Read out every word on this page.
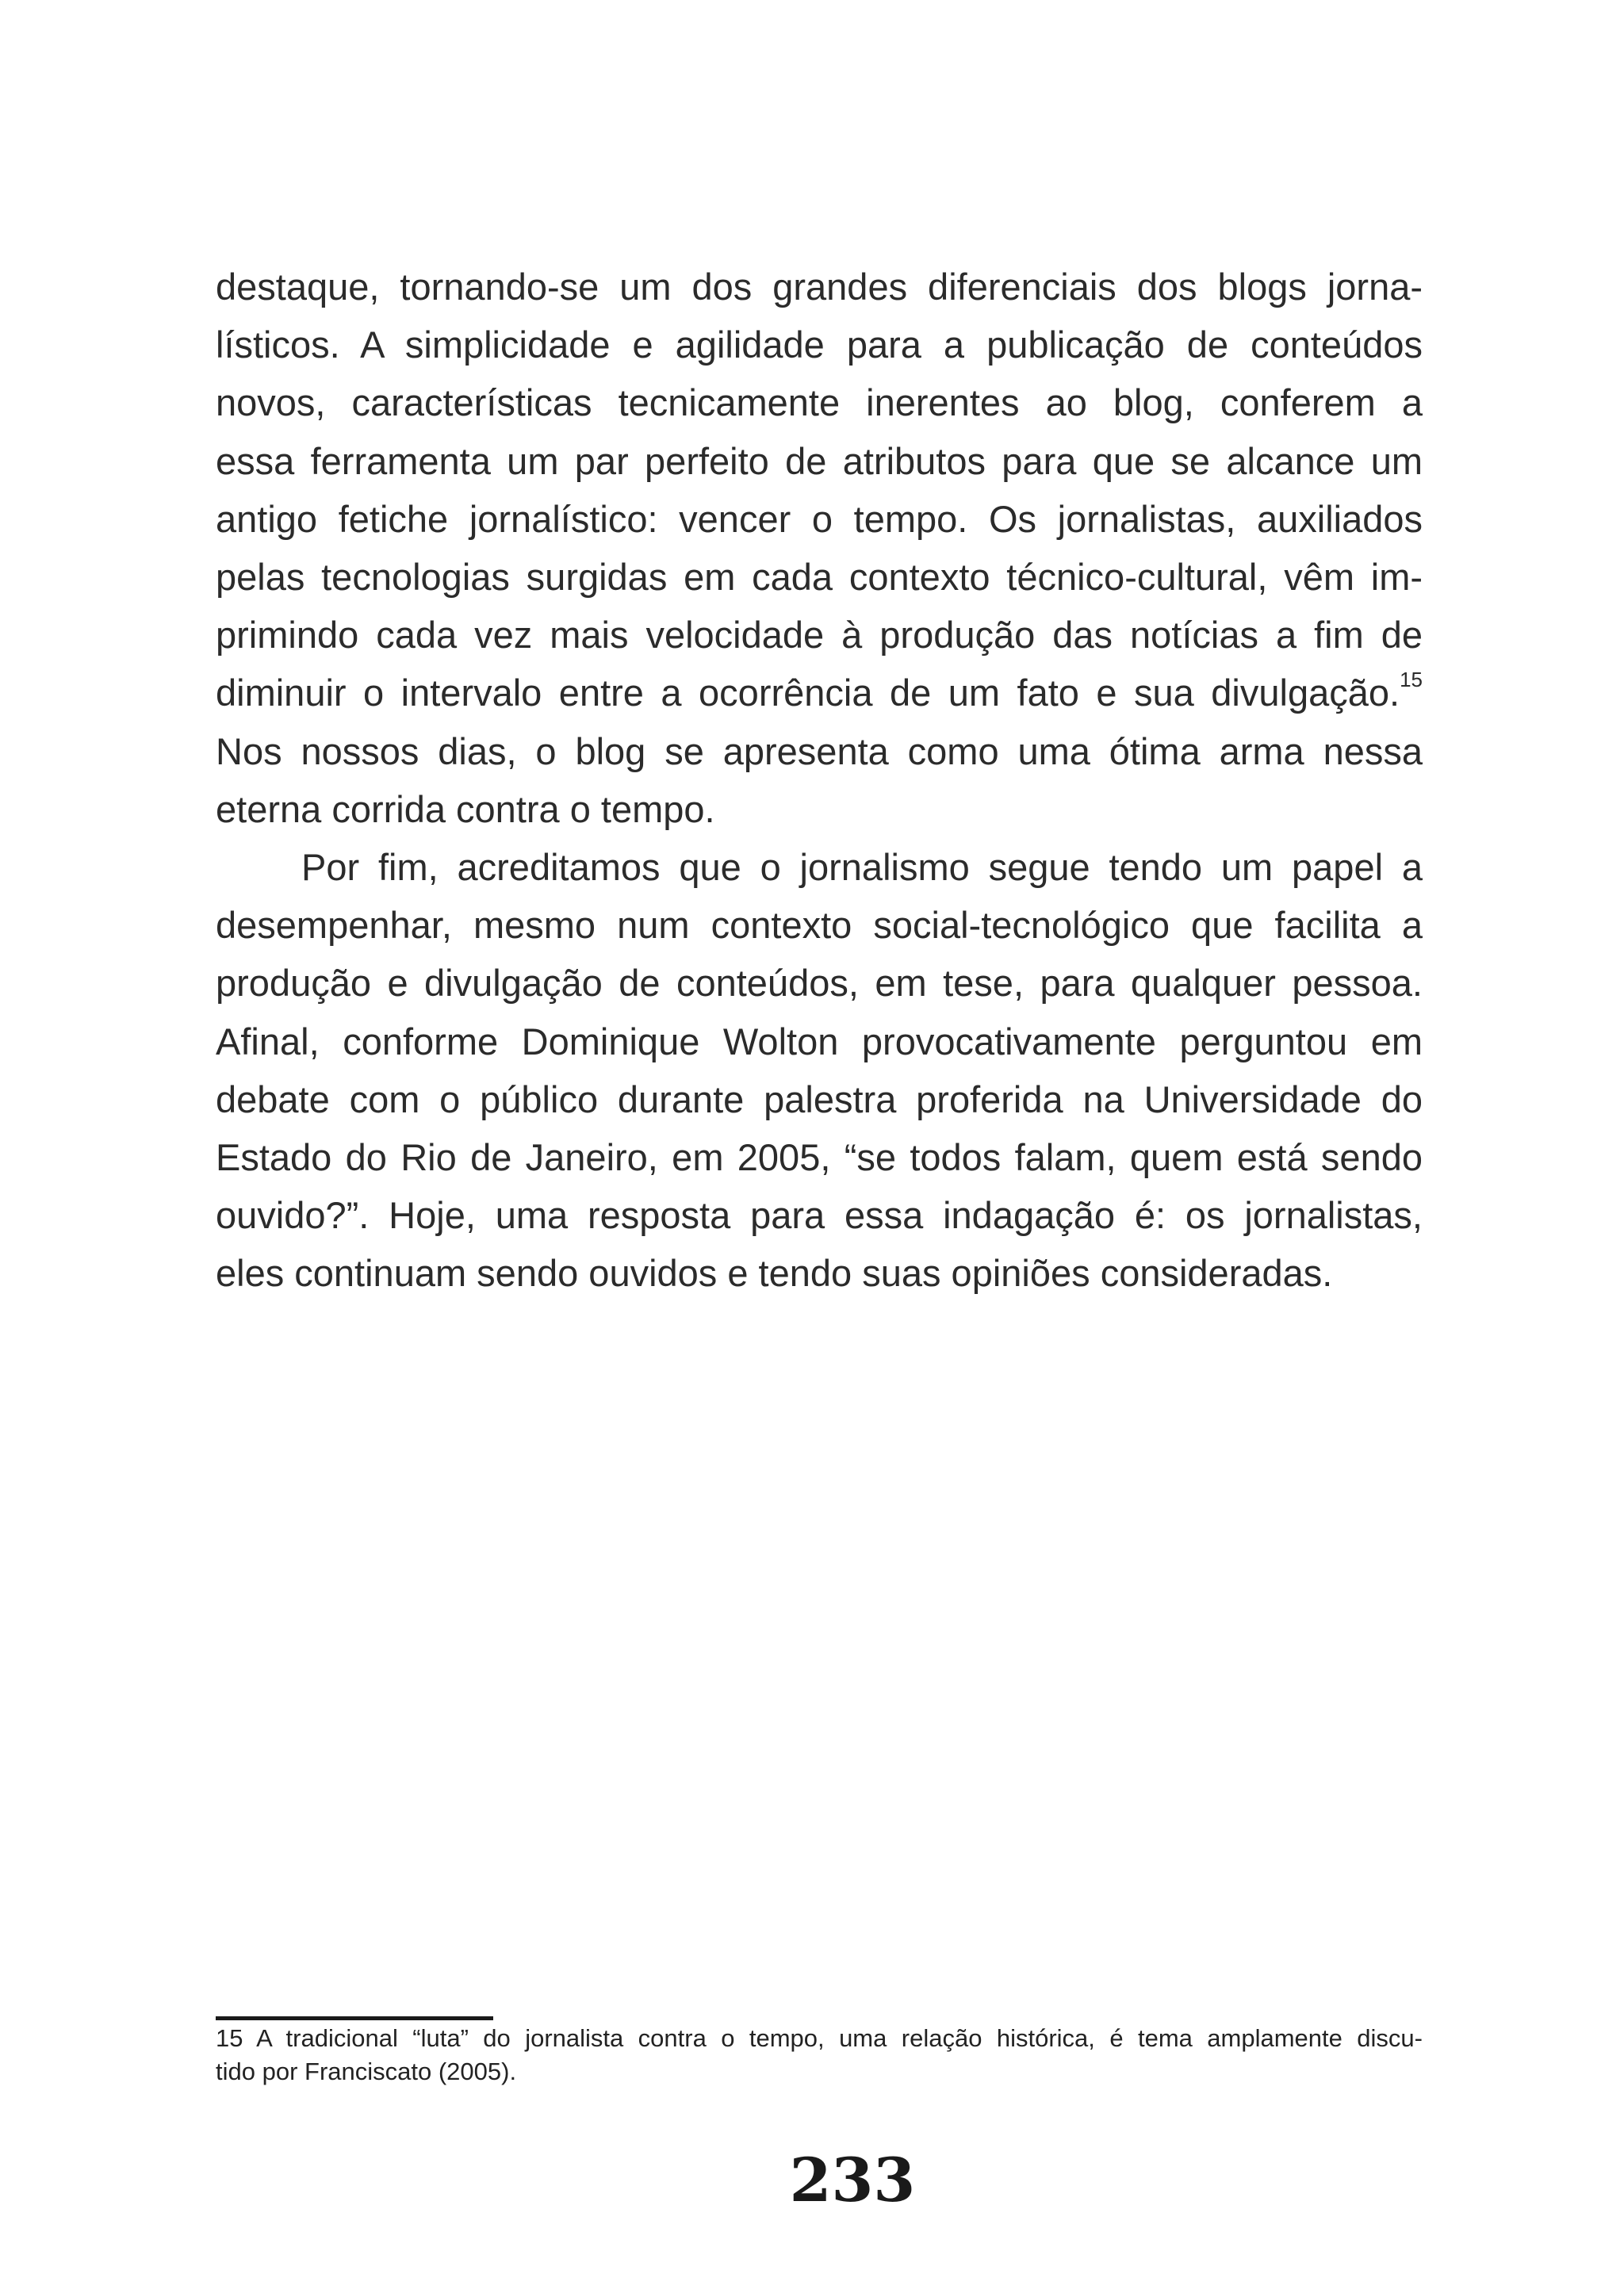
destaque, tornando-se um dos grandes diferenciais dos blogs jorna-

lísticos. A simplicidade e agilidade para a publicação de conteúdos

novos, características tecnicamente inerentes ao blog, conferem a

essa ferramenta um par perfeito de atributos para que se alcance um

antigo fetiche jornalístico: vencer o tempo. Os jornalistas, auxiliados

pelas tecnologias surgidas em cada contexto técnico-cultural, vêm im-

primindo cada vez mais velocidade à produção das notícias a fim de

diminuir o intervalo entre a ocorrência de um fato e sua divulgação.$^{15}$

Nos nossos dias, o blog se apresenta como uma ótima arma nessa

eterna corrida contra o tempo.

Por fim, acreditamos que o jornalismo segue tendo um papel a

desempenhar, mesmo num contexto social-tecnológico que facilita a

produção e divulgação de conteúdos, em tese, para qualquer pessoa.

Afinal, conforme Dominique Wolton provocativamente perguntou em

debate com o público durante palestra proferida na Universidade do

Estado do Rio de Janeiro, em 2005, “se todos falam, quem está sendo

ouvido?”. Hoje, uma resposta para essa indagação é: os jornalistas,

eles continuam sendo ouvidos e tendo suas opiniões consideradas.

15 A tradicional “luta” do jornalista contra o tempo, uma relação histórica, é tema amplamente discu-

tido por Franciscato (2005).

233
